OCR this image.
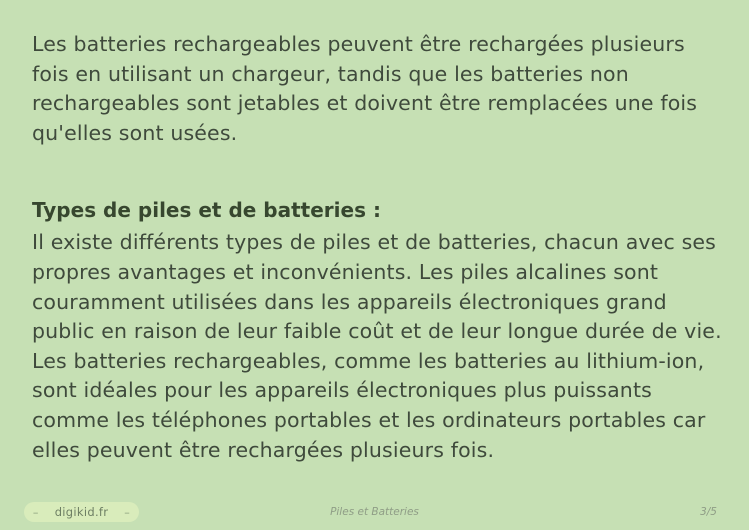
Les batteries rechargeables peuvent être rechargées plusieurs fois en utilisant un chargeur, tandis que les batteries non rechargeables sont jetables et doivent être remplacées une fois qu'elles sont usées.

Types de piles et de batteries :

Il existe différents types de piles et de batteries, chacun avec ses propres avantages et inconvénients. Les piles alcalines sont couramment utilisées dans les appareils électroniques grand public en raison de leur faible coût et de leur longue durée de vie. Les batteries rechargeables, comme les batteries au lithium-ion, sont idéales pour les appareils électroniques plus puissants comme les téléphones portables et les ordinateurs portables car elles peuvent être rechargées plusieurs fois.

– digikid.fr –	Piles et Batteries	3/5
